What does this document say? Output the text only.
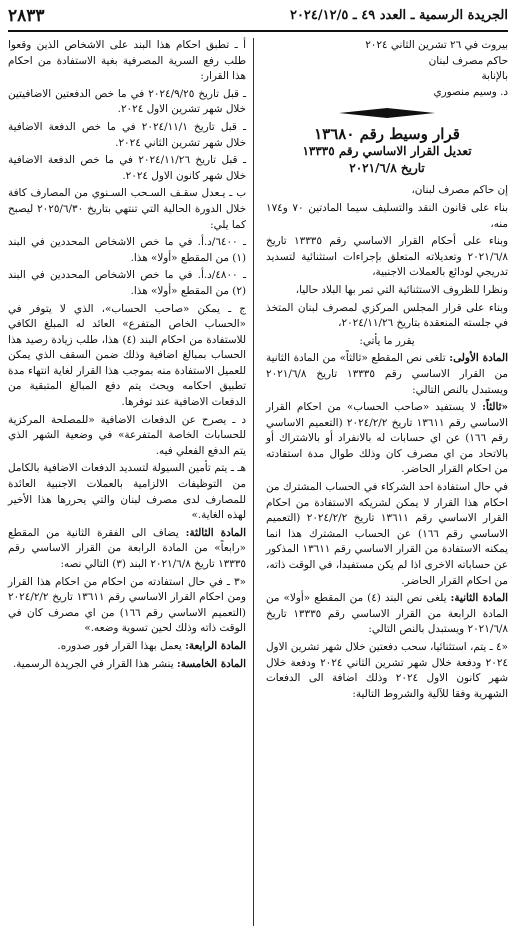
الجريدة الرسمية ـ العدد ٤٩ ـ ٢٠٢٤/١٢/٥
٢٨٣٣

بيروت في ٢٦ تشرين الثاني ٢٠٢٤

حاكم مصرف لبنان

بالإنابة

د. وسيم منصوري

قرار وسيط رقم ١٣٦٨٠
تعديل القرار الاساسي رقم ١٣٣٣٥
تاريخ ٢٠٢١/٦/٨

إن حاكم مصرف لبنان،

بناء على قانون النقد والتسليف سيما المادتين ٧٠ و١٧٤ منه،

وبناء على أحكام القرار الاساسي رقم ١٣٣٣٥ تاريخ ٢٠٢١/٦/٨ وتعديلاته المتعلق بإجراءات استثنائية لتسديد تدريجي لودائع بالعملات الاجنبية،

ونظرا للظروف الاستثنائية التي تمر بها البلاد حاليا،

وبناء على قرار المجلس المركزي لمصرف لبنان المتخذ في جلسته المنعقدة بتاريخ ٢٠٢٤/١١/٢٦،

يقرر ما يأتي:

المادة الأولى: تلغى نص المقطع «ثالثاً» من المادة الثانية من القرار الاساسي رقم ١٣٣٣٥ تاريخ ٢٠٢١/٦/٨ ويستبدل بالنص التالي:

«ثالثاً: لا يستفيد «صاحب الحساب» من احكام القرار الاساسي رقم ١٣٦١١ تاريخ ٢٠٢٤/٢/٢ (التعميم الاساسي رقم ١٦٦) عن اي حسابات له بالانفراد أو بالاشتراك أو بالاتحاد من اي مصرف كان وذلك طوال مدة استفادته من احكام القرار الحاضر.

في حال استفادة احد الشركاء في الحساب المشترك من احكام هذا القرار لا يمكن لشريكه الاستفادة من احكام القرار الاساسي رقم ١٣٦١١ تاريخ ٢٠٢٤/٢/٢ (التعميم الاساسي رقم ١٦٦) عن الحساب المشترك هذا انما يمكنه الاستفادة من القرار الاساسي رقم ١٣٦١١ المذكور عن حساباته الاخرى اذا لم يكن مستفيدا، في الوقت ذاته، من احكام القرار الحاضر.

المادة الثانية: يلغى نص البند (٤) من المقطع «أولا» من المادة الرابعة من القرار الاساسي رقم ١٣٣٣٥ تاريخ ٢٠٢١/٦/٨ ويستبدل بالنص التالي:

«٤ ـ يتم، استثنائيا، سحب دفعتين خلال شهر تشرين الاول ٢٠٢٤ ودفعة خلال شهر تشرين الثاني ٢٠٢٤ ودفعة خلال شهر كانون الاول ٢٠٢٤ وذلك اضافة الى الدفعات الشهرية وفقا للآلية والشروط التالية:

أ ـ تطبق احكام هذا البند على الاشخاص الذين وقعوا طلب رفع السرية المصرفية بغية الاستفادة من احكام هذا القرار:

ـ قبل تاريخ ٢٠٢٤/٩/٢٥ في ما خص الدفعتين الاضافيتين خلال شهر تشرين الاول ٢٠٢٤.

ـ قبل تاريخ ٢٠٢٤/١١/١ في ما خص الدفعة الاضافية خلال شهر تشرين الثاني ٢٠٢٤.

ـ قبل تاريخ ٢٠٢٤/١١/٢٦ في ما خص الدفعة الاضافية خلال شهر كانون الاول ٢٠٢٤.

ب ـ يـعدل سقـف السـحب السـنوي من المصارف كافة خلال الدورة الحالية التي تنتهي بتاريخ ٢٠٢٥/٦/٣٠ ليصبح كما يلي:

ـ ٦٤٠٠/د.أ. في ما خص الاشخاص المحددين في البند (١) من المقطع «أولا» هذا.

ـ ٤٨٠٠/د.أ. في ما خص الاشخاص المحددين في البند (٢) من المقطع «أولا» هذا.

ج ـ يمكن «صاحب الحساب»، الذي لا يتوفر في «الحساب الخاص المتفرع» العائد له المبلغ الكافي للاستفادة من احكام البند (٤) هذا، طلب زيادة رصيد هذا الحساب بمبالغ اضافية وذلك ضمن السقف الذي يمكن للعميل الاستفادة منه بموجب هذا القرار لغاية انتهاء مدة تطبيق احكامه ويحث يتم دفع المبالغ المتبقية من الدفعات الاضافية عند توفرها.

د ـ يصرح عن الدفعات الاضافية «للمصلحة المركزية للحسابات الخاصة المتفرعة» في وضعية الشهر الذي يتم الدفع الفعلي فيه.

هـ ـ يتم تأمين السيولة لتسديد الدفعات الاضافية بالكامل من التوظيفات الالزامية بالعملات الاجنبية العائدة للمصارف لدى مصرف لبنان والتي يحررها هذا الأخير لهذه الغاية.»

المادة الثالثة: يضاف الى الفقرة الثانية من المقطع «رابعاً» من المادة الرابعة من القرار الاساسي رقم ١٣٣٣٥ تاريخ ٢٠٢١/٦/٨ البند (٣) التالي نصه:

«٣ ـ في حال استفادته من احكام من احكام هذا القرار ومن احكام القرار الاساسي رقم ١٣٦١١ تاريخ ٢٠٢٤/٢/٢ (التعميم الاساسي رقم ١٦٦) من اي مصرف كان في الوقت ذاته وذلك لحين تسوية وضعه.»

المادة الرابعة: يعمل بهذا القرار فور صدوره.

المادة الخامسة: ينشر هذا القرار في الجريدة الرسمية.
